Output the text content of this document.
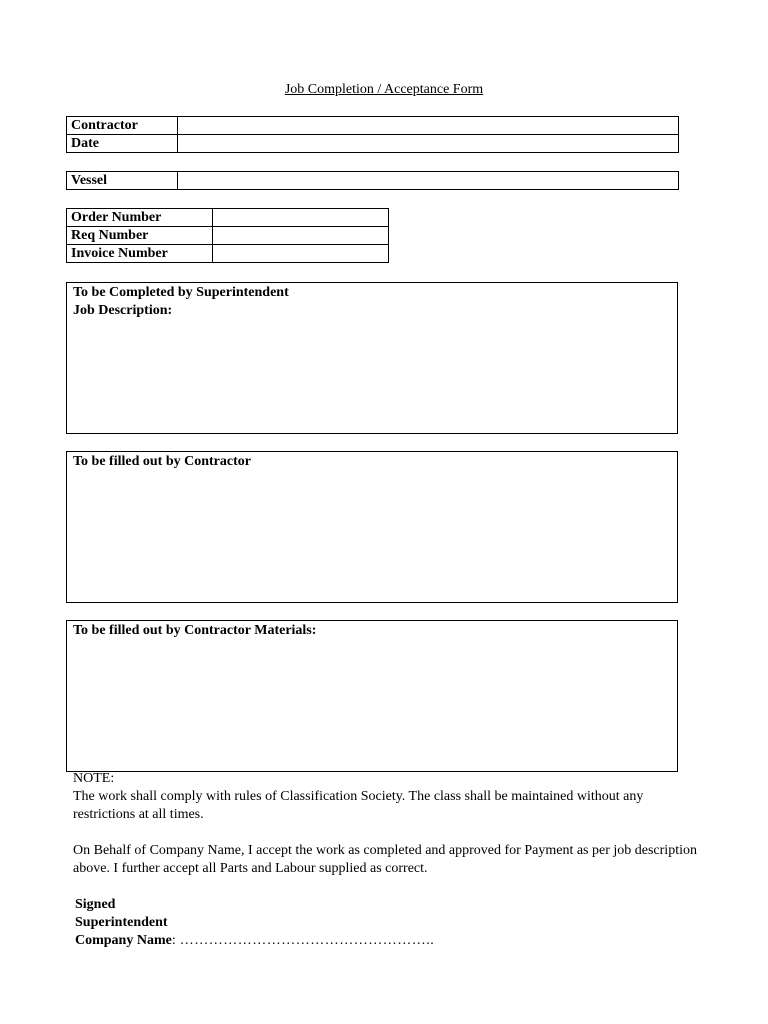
Job Completion / Acceptance Form
Contractor	
Date	
Vessel	
Order Number	
Req Number	
Invoice Number	
To be Completed by Superintendent
Job Description:
To be filled out by Contractor
To be filled out by Contractor Materials:

NOTE:

The work shall comply with rules of Classification Society. The class shall be maintained without any restrictions at all times.

On Behalf of Company Name, I accept the work as completed and approved for Payment as per job description above. I further accept all Parts and Labour supplied as correct.

Signed
Superintendent
Company Name: ……………………………………………..
